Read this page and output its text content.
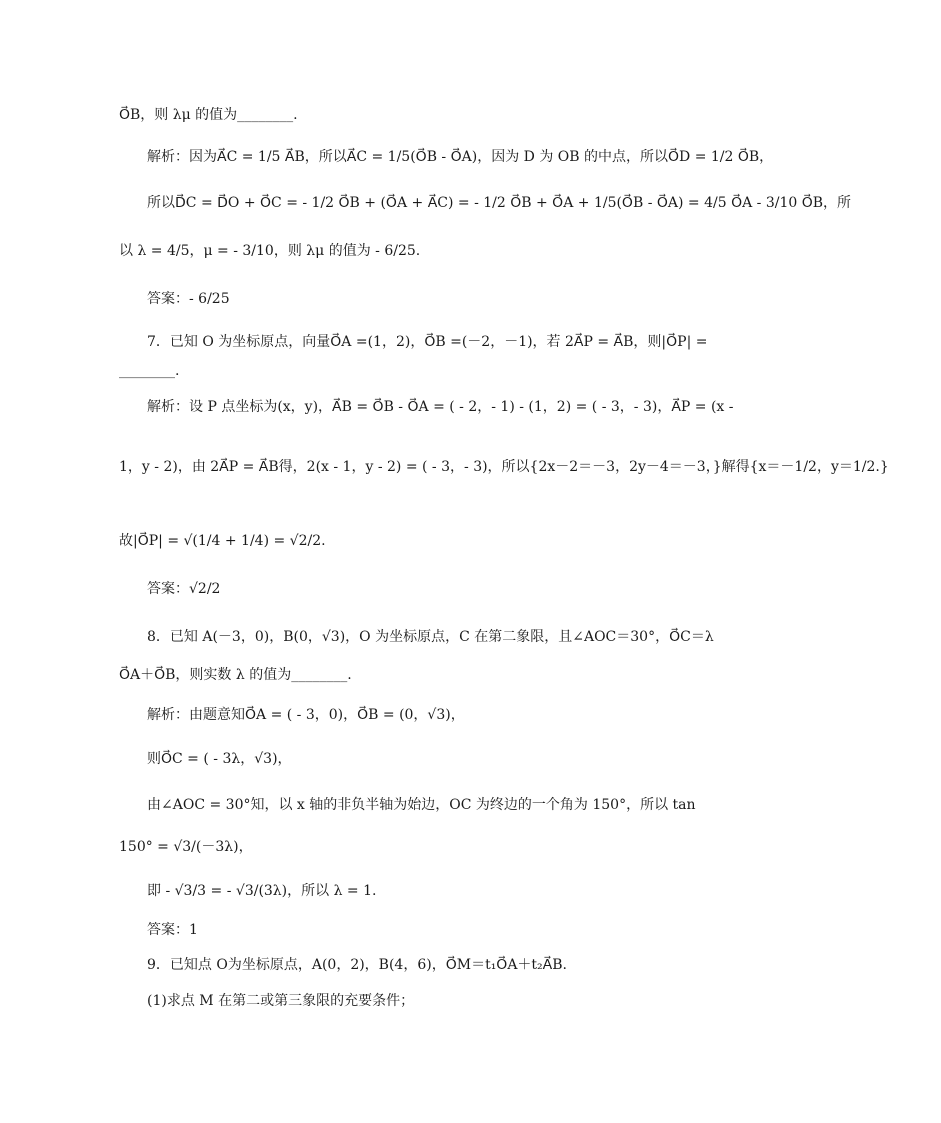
O⃗B，则 λμ 的值为________.
解析：因为A⃗C = 1/5 A⃗B，所以A⃗C = 1/5(O⃗B - O⃗A)，因为 D 为 OB 的中点，所以O⃗D = 1/2 O⃗B，
所以D⃗C = D⃗O + O⃗C = - 1/2 O⃗B + (O⃗A + A⃗C) = - 1/2 O⃗B + O⃗A + 1/5(O⃗B - O⃗A) = 4/5 O⃗A - 3/10 O⃗B，所
以 λ = 4/5，μ = - 3/10，则 λμ 的值为 - 6/25.
答案：- 6/25
7．已知 O 为坐标原点，向量O⃗A =(1，2)，O⃗B =(－2，－1)，若 2A⃗P = A⃗B，则|O⃗P| =
________.
解析：设 P 点坐标为(x，y)，A⃗B = O⃗B - O⃗A = ( - 2，- 1) - (1，2) = ( - 3，- 3)，A⃗P = (x -
1，y - 2)，由 2A⃗P = A⃗B得，2(x - 1，y - 2) = ( - 3，- 3)，所以{2x－2＝－3，2y－4＝－3，}解得{x＝－1/2，y＝1/2.}
故|O⃗P| = √(1/4 + 1/4) = √2/2.
答案：√2/2
8．已知 A(－3，0)，B(0，√3)，O 为坐标原点，C 在第二象限，且∠AOC＝30°，O⃗C＝λ
O⃗A＋O⃗B，则实数 λ 的值为________.
解析：由题意知O⃗A = ( - 3，0)，O⃗B = (0，√3)，
则O⃗C = ( - 3λ，√3)，
由∠AOC = 30°知，以 x 轴的非负半轴为始边，OC 为终边的一个角为 150°，所以 tan
150° = √3/(－3λ)，
即 - √3/3 = - √3/(3λ)，所以 λ = 1.
答案：1
9．已知点 O为坐标原点，A(0，2)，B(4，6)，O⃗M＝t₁O⃗A＋t₂A⃗B.
(1)求点 M 在第二或第三象限的充要条件；
